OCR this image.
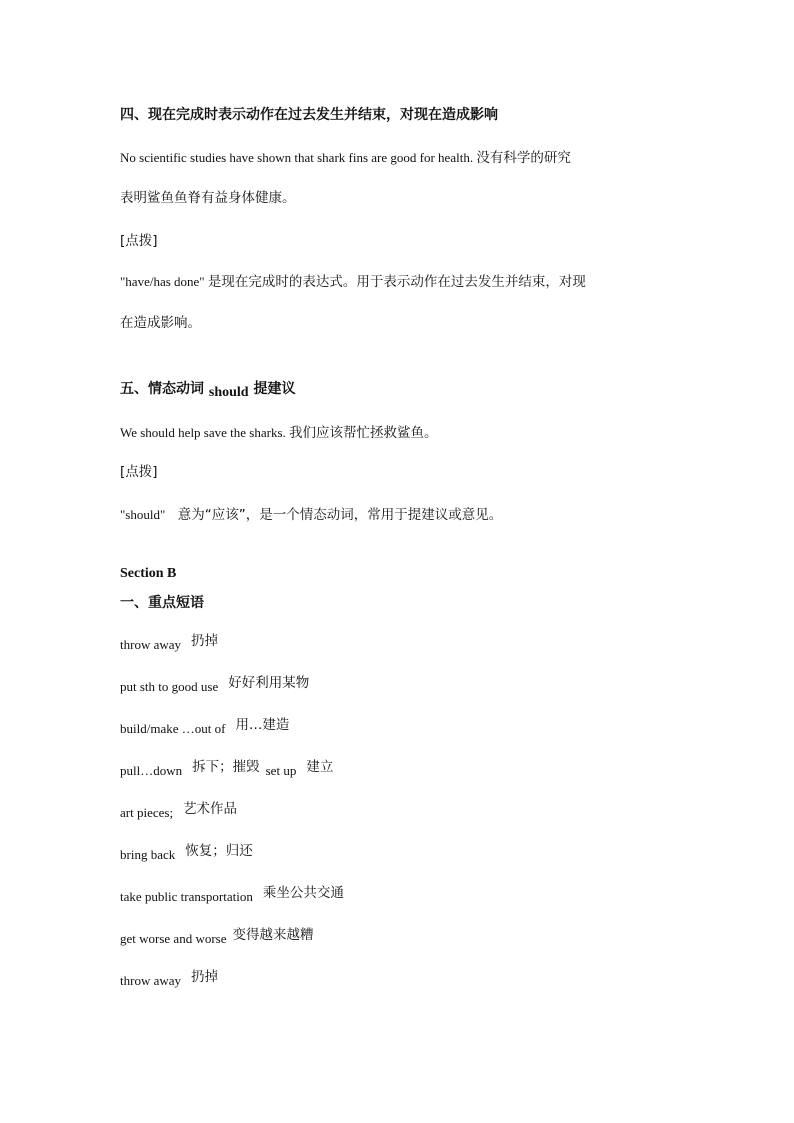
四、现在完成时表示动作在过去发生并结束，对现在造成影响
No scientific studies have shown that shark fins are good for health. 没有科学的研究
表明鲨鱼鱼脊有益身体健康。
[点拨]
"have/has done" 是现在完成时的表达式。用于表示动作在过去发生并结束，对现
在造成影响。
五、情态动词 should 提建议
We should help save the sharks. 我们应该帮忙拯救鲨鱼。
[点拨]
"should" 意为“应该”，是一个情态动词，常用于提建议或意见。
Section B
一、重点短语
throw away 扔掉
put sth to good use 好好利用某物
build/make …out of 用…建造
pull…down 拆下；摧毁 set up 建立
art pieces; 艺术作品
bring back 恢复；归还
take public transportation 乘坐公共交通
get worse and worse 变得越来越糟
throw away 扔掉
